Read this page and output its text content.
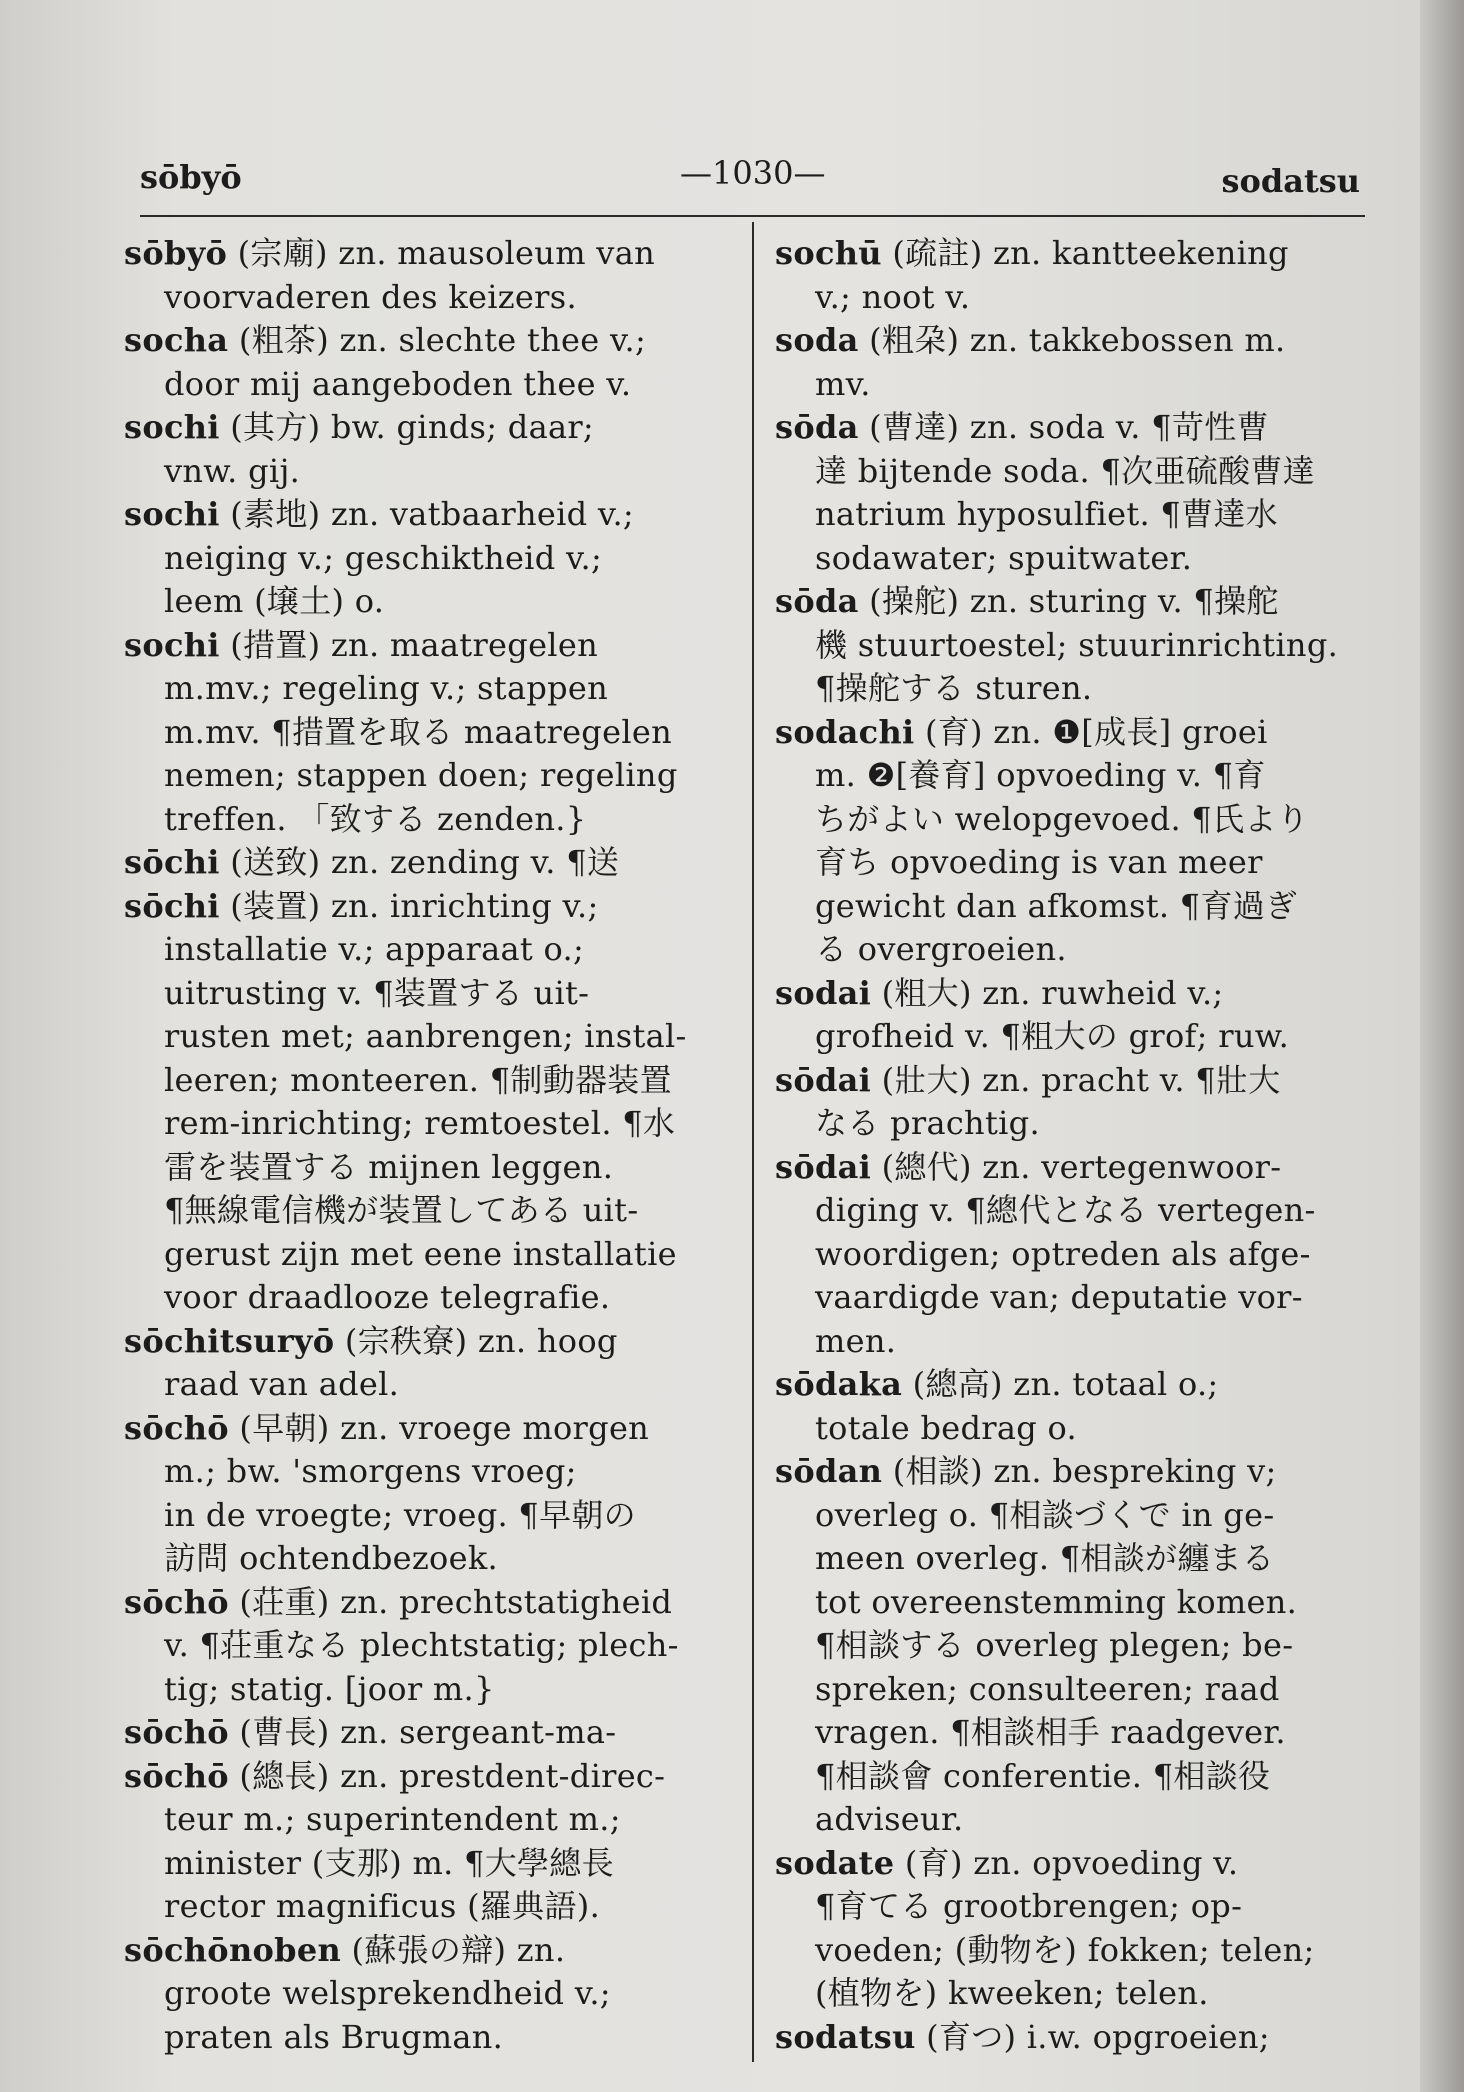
sōbyō	—1030—	sodatsu
sōbyō (宗廟) zn. mausoleum van
voorvaderen des keizers.
socha (粗茶) zn. slechte thee v.;
door mij aangeboden thee v.
sochi (其方) bw. ginds; daar;
vnw. gij.
sochi (素地) zn. vatbaarheid v.;
neiging v.; geschiktheid v.;
leem (壌土) o.
sochi (措置) zn. maatregelen
m.mv.; regeling v.; stappen
m.mv. ¶措置を取る maatregelen
nemen; stappen doen; regeling
treffen. 「致する zenden.}
sōchi (送致) zn. zending v. ¶送
sōchi (装置) zn. inrichting v.;
installatie v.; apparaat o.;
uitrusting v. ¶装置する uit-
rusten met; aanbrengen; instal-
leeren; monteeren. ¶制動器装置
rem-inrichting; remtoestel. ¶水
雷を装置する mijnen leggen.
¶無線電信機が装置してある uit-
gerust zijn met eene installatie
voor draadlooze telegrafie.
sōchitsuryō (宗秩寮) zn. hoog
raad van adel.
sōchō (早朝) zn. vroege morgen
m.; bw. 'smorgens vroeg;
in de vroegte; vroeg. ¶早朝の
訪問 ochtendbezoek.
sōchō (荘重) zn. prechtstatigheid
v. ¶荘重なる plechtstatig; plech-
tig; statig. [joor m.}
sōchō (曹長) zn. sergeant-ma-
sōchō (總長) zn. prestdent-direc-
teur m.; superintendent m.;
minister (支那) m. ¶大學總長
rector magnificus (羅典語).
sōchōnoben (蘇張の辯) zn.
groote welsprekendheid v.;
praten als Brugman.
sochū (疏註) zn. kantteekening
v.; noot v.
soda (粗朶) zn. takkebossen m.
mv.
sōda (曹達) zn. soda v. ¶苛性曹
達 bijtende soda. ¶次亜硫酸曹達
natrium hyposulfiet. ¶曹達水
sodawater; spuitwater.
sōda (操舵) zn. sturing v. ¶操舵
機 stuurtoestel; stuurinrichting.
¶操舵する sturen.
sodachi (育) zn. ❶[成長] groei
m. ❷[養育] opvoeding v. ¶育
ちがよい welopgevoed. ¶氏より
育ち opvoeding is van meer
gewicht dan afkomst. ¶育過ぎ
る overgroeien.
sodai (粗大) zn. ruwheid v.;
grofheid v. ¶粗大の grof; ruw.
sōdai (壯大) zn. pracht v. ¶壯大
なる prachtig.
sōdai (總代) zn. vertegenwoor-
diging v. ¶總代となる vertegen-
woordigen; optreden als afge-
vaardigde van; deputatie vor-
men.
sōdaka (總高) zn. totaal o.;
totale bedrag o.
sōdan (相談) zn. bespreking v;
overleg o. ¶相談づくで in ge-
meen overleg. ¶相談が纏まる
tot overeenstemming komen.
¶相談する overleg plegen; be-
spreken; consulteeren; raad
vragen. ¶相談相手 raadgever.
¶相談會 conferentie. ¶相談役
adviseur.
sodate (育) zn. opvoeding v.
¶育てる grootbrengen; op-
voeden; (動物を) fokken; telen;
(植物を) kweeken; telen.
sodatsu (育つ) i.w. opgroeien;
